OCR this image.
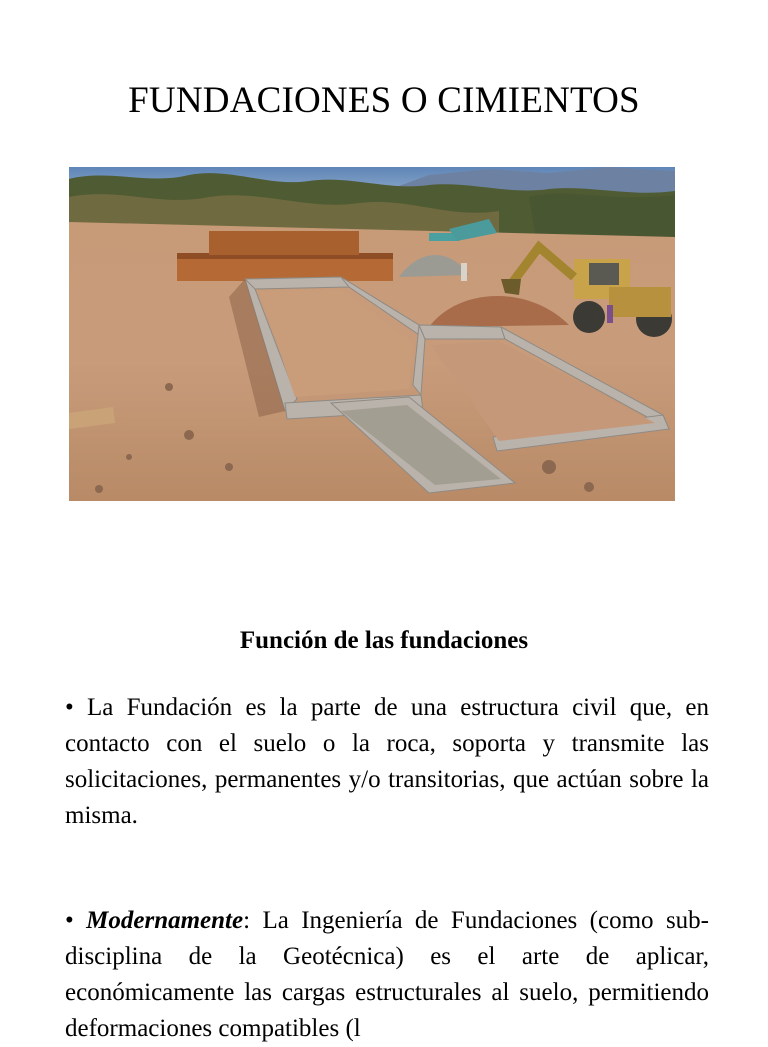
FUNDACIONES O CIMIENTOS
Función de las fundaciones
• La Fundación es la parte de una estructura civil que, en contacto con el suelo o la roca, soporta y transmite las solicitaciones, permanentes y/o transitorias, que actúan sobre la misma.
• Modernamente: La Ingeniería de Fundaciones (como sub-disciplina de la Geotécnica) es el arte de aplicar, económicamente las cargas estructurales al suelo, permitiendo deformaciones compatibles (l
